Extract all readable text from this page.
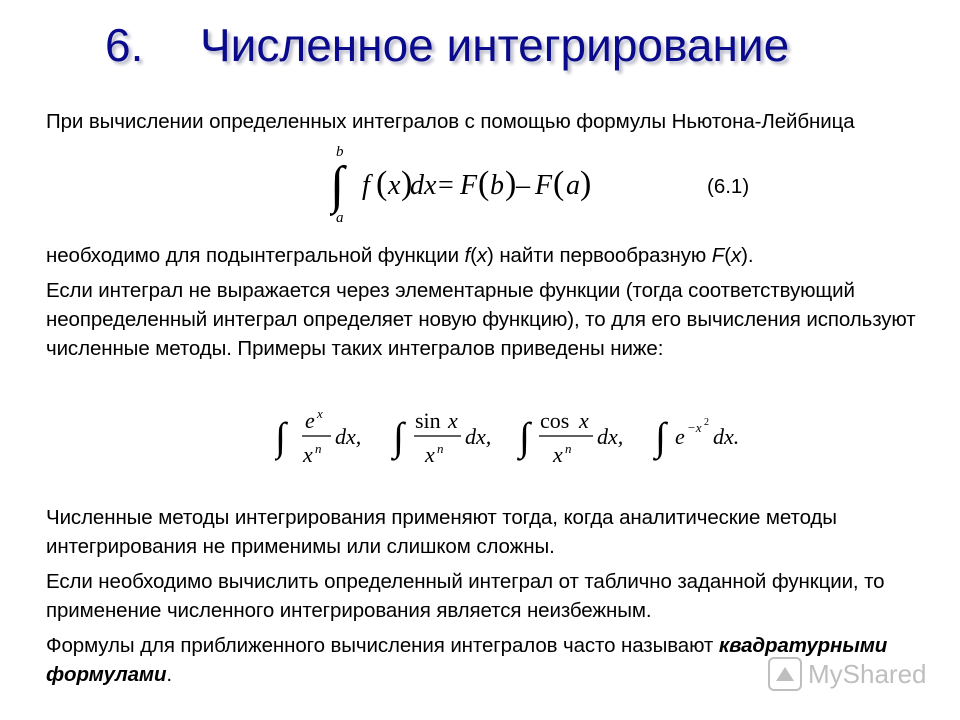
6. Численное интегрирование

При вычислении определенных интегралов с помощью формулы Ньютона-Лейбница

b
∫
a
f ( x )
dx = F ( b ) – F ( a )	(6.1)

необходимо для подынтегральной функции f(x) найти первообразную F(x).

Если интеграл не выражается через элементарные функции (тогда соответствующий неопределенный интеграл определяет новую функцию), то для его вычисления используют численные методы. Примеры таких интегралов приведены ниже:

∫ e x
x n dx, ∫ sin x
x n dx, ∫ cos x
x n dx, ∫ e −x 2
dx.

Численные методы интегрирования применяют тогда, когда аналитические методы интегрирования не применимы или слишком сложны.

Если необходимо вычислить определенный интеграл от таблично заданной функции, то применение численного интегрирования является неизбежным.

Формулы для приближенного вычисления интегралов часто называют квадратурными формулами.	MyShared
